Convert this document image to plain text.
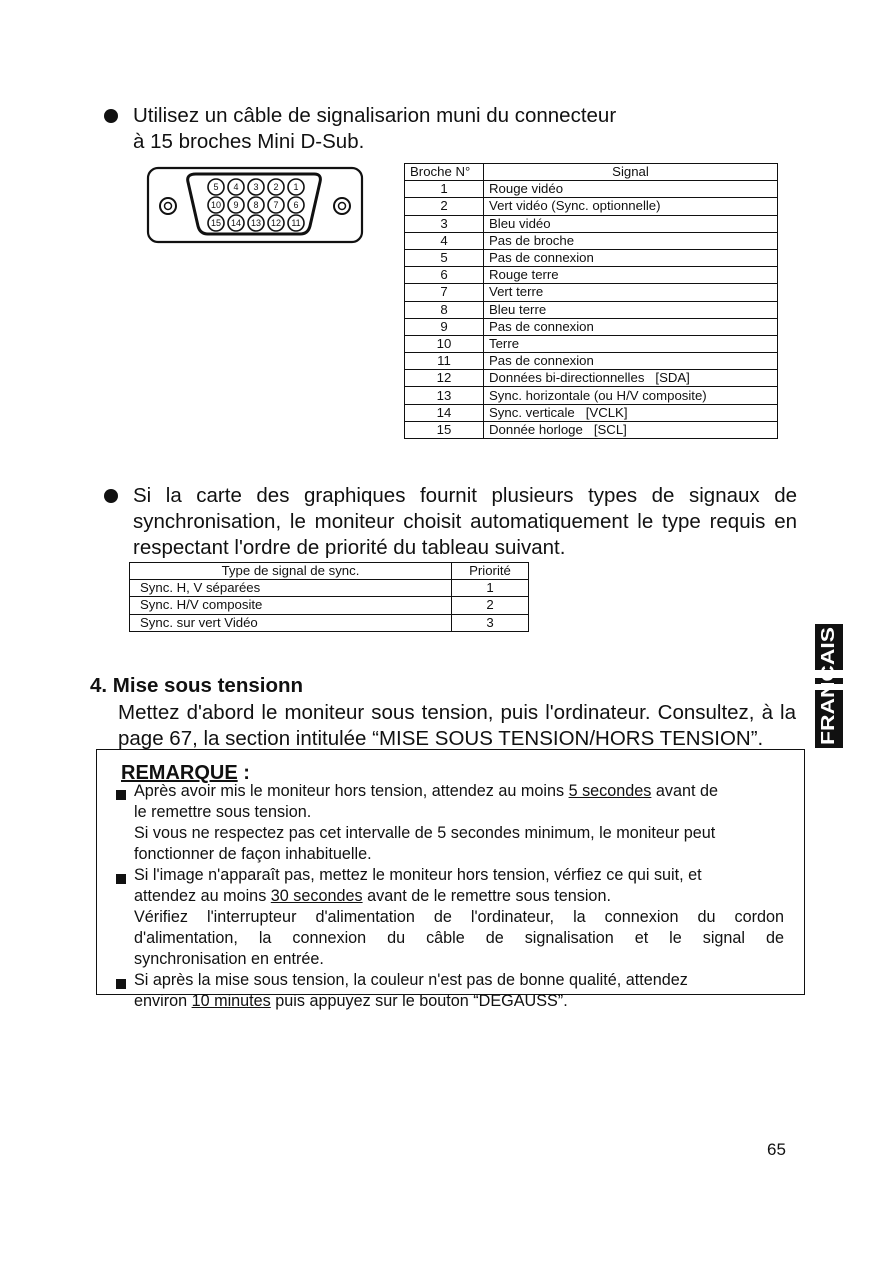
Utilisez un câble de signalisarion muni du connecteur
à 15 broches Mini D-Sub.
5 4 3 2 1
10 9 8 7 6
15 14 13 12 11
Broche N°	Signal
1	Rouge vidéo
2	Vert vidéo (Sync. optionnelle)
3	Bleu vidéo
4	Pas de broche
5	Pas de connexion
6	Rouge terre
7	Vert terre
8	Bleu terre
9	Pas de connexion
10	Terre
11	Pas de connexion
12	Données bi-directionnelles   [SDA]
13	Sync. horizontale (ou H/V composite)
14	Sync. verticale   [VCLK]
15	Donnée horloge   [SCL]
Si la carte des graphiques fournit plusieurs types de signaux de
synchronisation, le moniteur choisit automatiquement le type requis en
respectant l'ordre de priorité du tableau suivant.
Type de signal de sync.	Priorité
Sync. H, V séparées	1
Sync. H/V composite	2
Sync. sur vert Vidéo	3
4. Mise sous tensionn
Mettez d'abord le moniteur sous tension, puis l'ordinateur. Consultez, à la
page 67, la section intitulée “MISE SOUS TENSION/HORS TENSION”.
REMARQUE :
Après avoir mis le moniteur hors tension, attendez au moins 5 secondes avant de
le remettre sous tension.
Si vous ne respectez pas cet intervalle de 5 secondes minimum, le moniteur peut
fonctionner de façon inhabituelle.
Si l'image n'apparaît pas, mettez le moniteur hors tension, vérfiez ce qui suit, et
attendez au moins 30 secondes avant de le remettre sous tension.
Vérifiez l'interrupteur d'alimentation de l'ordinateur, la connexion du cordon
d'alimentation, la connexion du câble de signalisation et le signal de
synchronisation en entrée.
Si après la mise sous tension, la couleur n'est pas de bonne qualité, attendez
environ 10 minutes puis appuyez sur le bouton “DEGAUSS”.
FRANÇAIS
65
